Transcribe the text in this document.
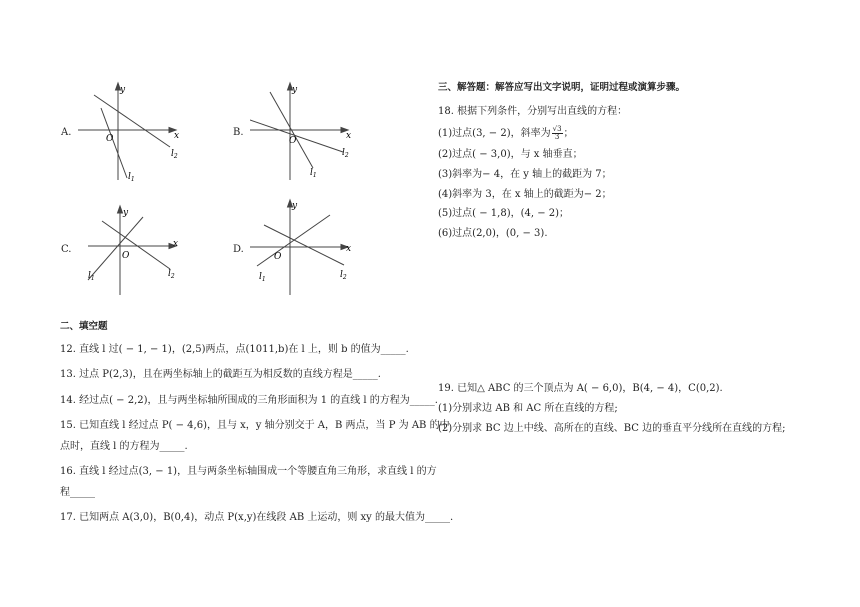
A.	B.
C.	D.
y
x
O
$l_2$
$l_1$
y
x
O
$l_2$
$l_1$
y
x
O
$l_2$
$l_1$
y
x
O
$l_2$
$l_1$
二、填空题
12. 直线 l 过( − 1, − 1)，(2,5)两点，点(1011,b)在 l 上，则 b 的值为_____.
13. 过点 P(2,3)，且在两坐标轴上的截距互为相反数的直线方程是_____.
14. 经过点( − 2,2)，且与两坐标轴所围成的三角形面积为 1 的直线 l 的方程为_____.
15. 已知直线 l 经过点 P( − 4,6)，且与 x，y 轴分别交于 A，B 两点，当 P 为 AB 的中
点时，直线 l 的方程为_____.
16. 直线 l 经过点(3, − 1)，且与两条坐标轴围成一个等腰直角三角形，求直线 l 的方
程_____
17. 已知两点 A(3,0)，B(0,4)，动点 P(x,y)在线段 AB 上运动，则 xy 的最大值为_____.
三、解答题：解答应写出文字说明，证明过程或演算步骤。
18. 根据下列条件，分别写出直线的方程：
(1)过点(3, − 2)，斜率为 $\frac{√3}{3}$ ；
(2)过点( − 3,0)，与 x 轴垂直；
(3)斜率为− 4，在 y 轴上的截距为 7；
(4)斜率为 3，在 x 轴上的截距为− 2；
(5)过点( − 1,8)，(4, − 2)；
(6)过点(2,0)，(0, − 3).
19. 已知△ ABC 的三个顶点为 A( − 6,0)，B(4, − 4)，C(0,2).
(1)分别求边 AB 和 AC 所在直线的方程;
(2)分别求 BC 边上中线、高所在的直线、BC 边的垂直平分线所在直线的方程;
